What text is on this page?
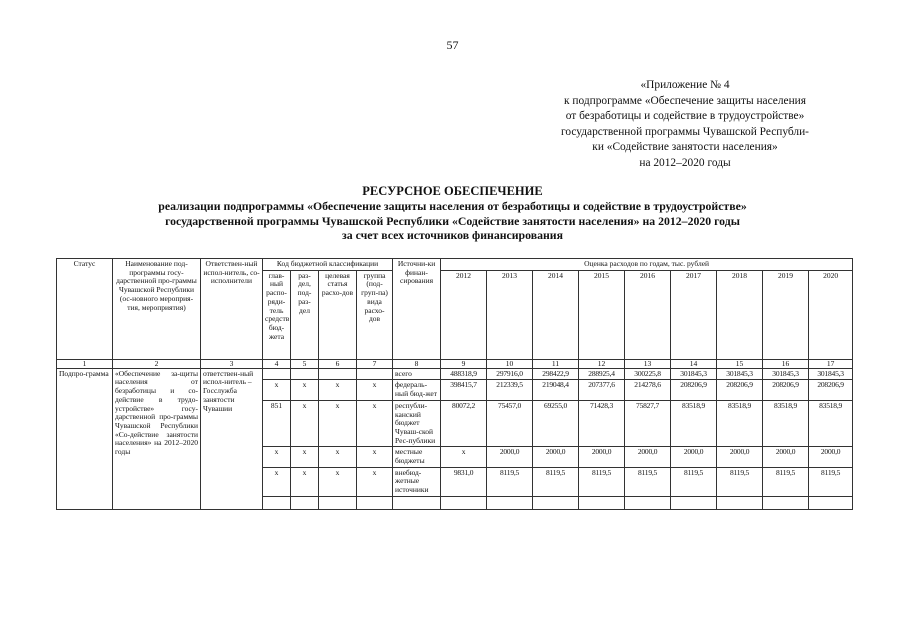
57
«Приложение № 4
к подпрограмме «Обеспечение защиты населения
от безработицы и содействие в трудоустройстве»
государственной программы Чувашской Республи-
ки «Содействие занятости населения»
на 2012–2020 годы
РЕСУРСНОЕ ОБЕСПЕЧЕНИЕ
реализации подпрограммы «Обеспечение защиты населения от безработицы и содействие в трудоустройстве»
государственной программы Чувашской Республики «Содействие занятости населения» на 2012–2020 годы
за счет всех источников финансирования
Статус	Наименование под-программы госу-дарственной про-граммы Чувашской Республики (ос-новного мероприя-тия, мероприятия)	Ответствен-ный испол-нитель, со-исполнители	Код бюджетной классификации				Источни-ки финан-сирования	Оценка расходов по годам, тыс. рублей								
			глав-ный распо-ряди-тель средств бюд-жета	раз-дел, под-раз-дел	целевая статья расхо-дов	группа (под-груп-па) вида расхо-дов		2012	2013	2014	2015	2016	2017	2018	2019	2020
1	2	3	4	5	6	7	8	9	10	11	12	13	14	15	16	17
Подпро-грамма	«Обеспечение за-щиты населения от безработицы и со-действие в трудо-устройстве» госу-дарственной про-граммы Чувашской Республики «Со-действие занятости населения» на 2012–2020 годы	ответствен-ный испол-нитель – Госслужба занятости Чувашии					всего	488318,9	297916,0	298422,9	288925,4	300225,8	301845,3	301845,3	301845,3	301845,3
			x	x	x	x	федераль-ный бюд-жет	398415,7	212339,5	219048,4	207377,6	214278,6	208206,9	208206,9	208206,9	208206,9
			851	x	x	x	республи-канский бюджет Чуваш-ской Рес-публики	80072,2	75457,0	69255,0	71428,3	75827,7	83518,9	83518,9	83518,9	83518,9
			x	x	x	x	местные бюджеты	x	2000,0	2000,0	2000,0	2000,0	2000,0	2000,0	2000,0	2000,0
			x	x	x	x	внебюд-жетные источники	9831,0	8119,5	8119,5	8119,5	8119,5	8119,5	8119,5	8119,5	8119,5
